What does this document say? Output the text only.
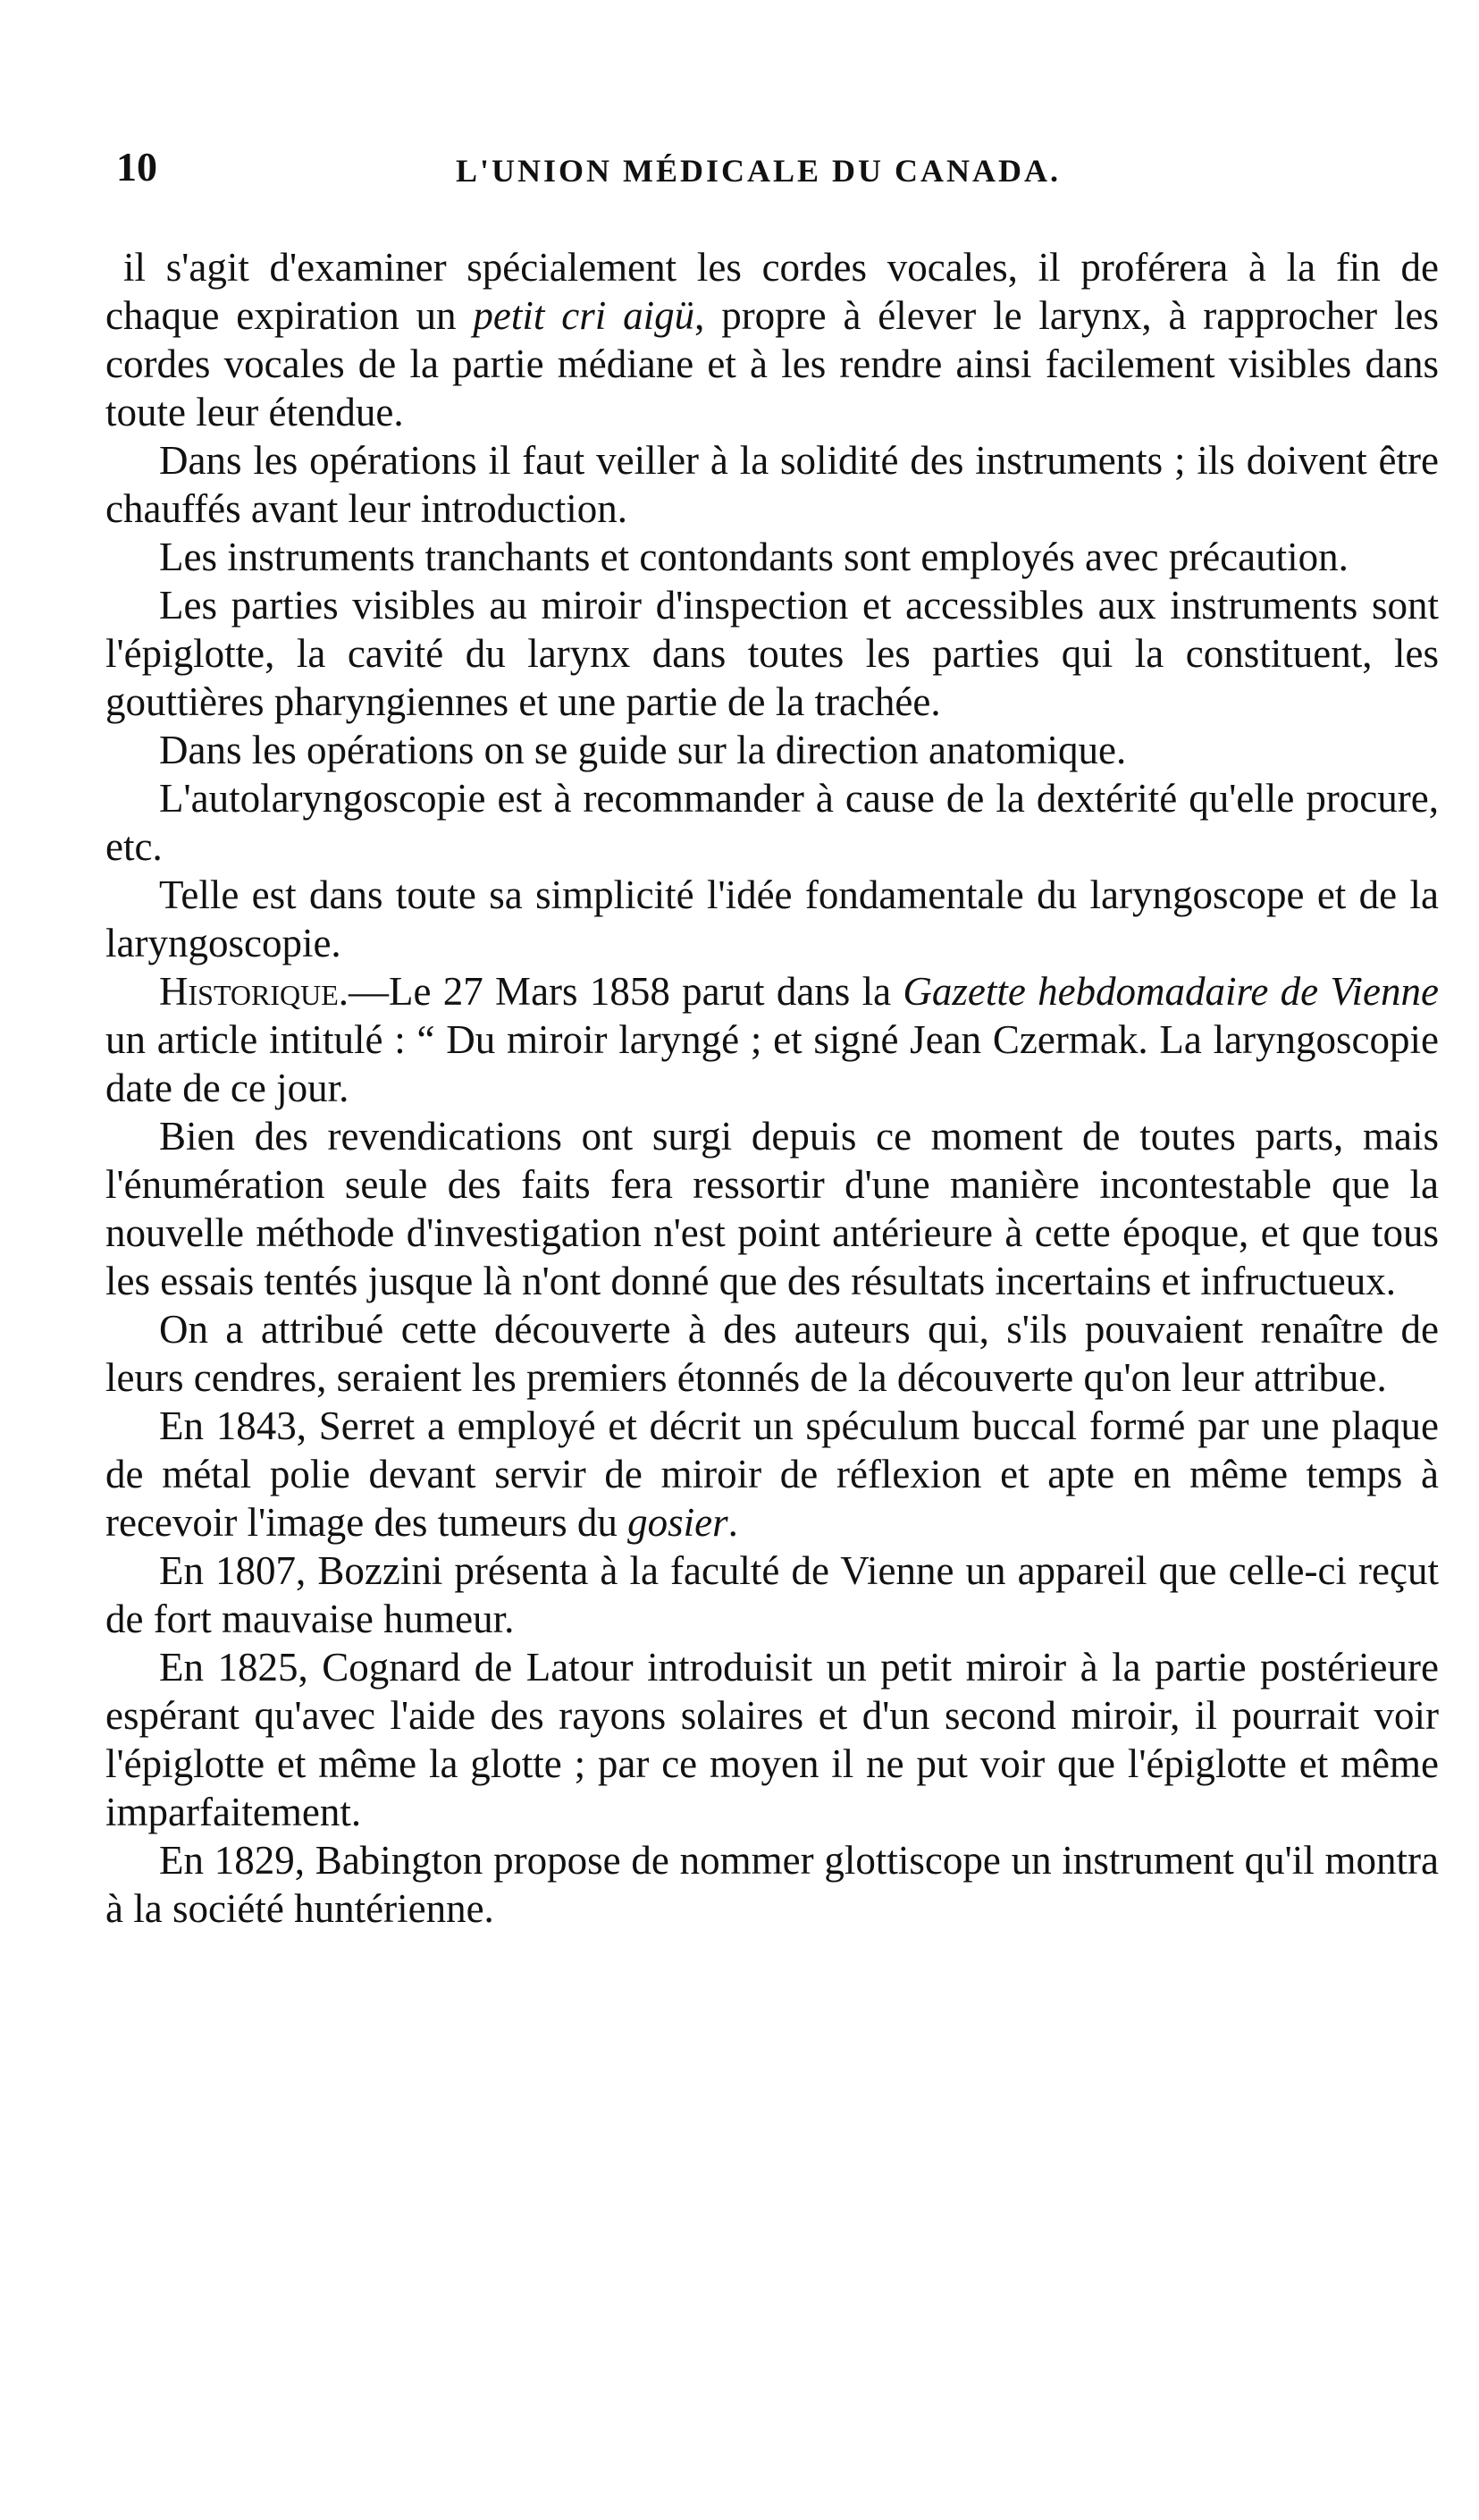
10	L'UNION MÉDICALE DU CANADA.

il s'agit d'examiner spécialement les cordes vocales, il proférera à la fin de chaque expiration un petit cri aigü, propre à élever le larynx, à rapprocher les cordes vocales de la partie médiane et à les rendre ainsi facilement visibles dans toute leur étendue.

Dans les opérations il faut veiller à la solidité des instruments ; ils doivent être chauffés avant leur introduction.

Les instruments tranchants et contondants sont employés avec précaution.

Les parties visibles au miroir d'inspection et accessibles aux instruments sont l'épiglotte, la cavité du larynx dans toutes les parties qui la constituent, les gouttières pharyngiennes et une partie de la trachée.

Dans les opérations on se guide sur la direction anatomique.

L'autolaryngoscopie est à recommander à cause de la dextérité qu'elle procure, etc.

Telle est dans toute sa simplicité l'idée fondamentale du laryngoscope et de la laryngoscopie.

Historique.—Le 27 Mars 1858 parut dans la Gazette hebdomadaire de Vienne un article intitulé : “ Du miroir laryngé ; et signé Jean Czermak. La laryngoscopie date de ce jour.

Bien des revendications ont surgi depuis ce moment de toutes parts, mais l'énumération seule des faits fera ressortir d'une manière incontestable que la nouvelle méthode d'investigation n'est point antérieure à cette époque, et que tous les essais tentés jusque là n'ont donné que des résultats incertains et infructueux.

On a attribué cette découverte à des auteurs qui, s'ils pouvaient renaître de leurs cendres, seraient les premiers étonnés de la découverte qu'on leur attribue.

En 1843, Serret a employé et décrit un spéculum buccal formé par une plaque de métal polie devant servir de miroir de réflexion et apte en même temps à recevoir l'image des tumeurs du gosier.

En 1807, Bozzini présenta à la faculté de Vienne un appareil que celle-ci reçut de fort mauvaise humeur.

En 1825, Cognard de Latour introduisit un petit miroir à la partie postérieure espérant qu'avec l'aide des rayons solaires et d'un second miroir, il pourrait voir l'épiglotte et même la glotte ; par ce moyen il ne put voir que l'épiglotte et même imparfaitement.

En 1829, Babington propose de nommer glottiscope un instrument qu'il montra à la société huntérienne.
